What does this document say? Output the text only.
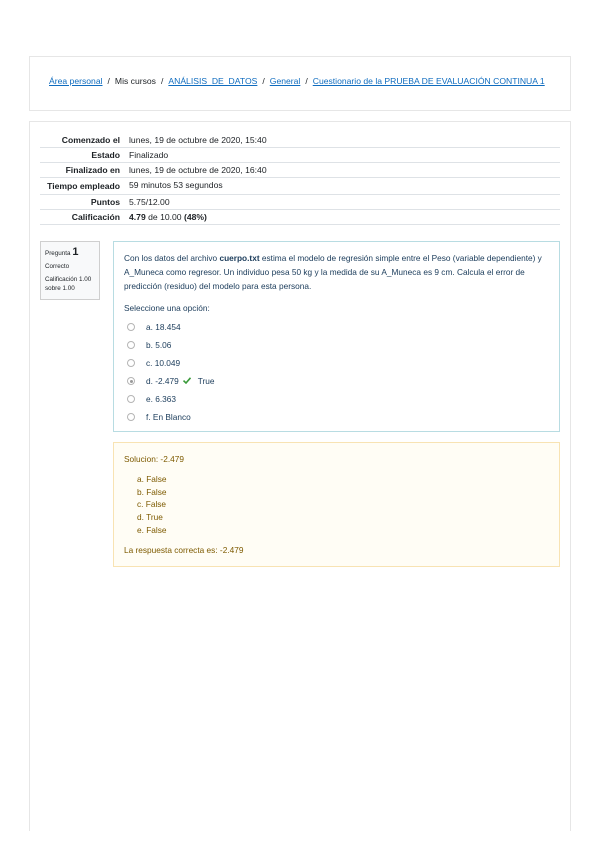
Área personal / Mis cursos / ANÁLISIS_DE_DATOS / General / Cuestionario de la PRUEBA DE EVALUACIÓN CONTINUA 1
Comenzado el	lunes, 19 de octubre de 2020, 15:40
Estado	Finalizado
Finalizado en	lunes, 19 de octubre de 2020, 16:40
Tiempo empleado	59 minutos 53 segundos
Puntos	5.75/12.00
Calificación	4.79 de 10.00 (48%)
Pregunta 1
Correcto
Calificación 1.00 sobre 1.00
Con los datos del archivo cuerpo.txt estima el modelo de regresión simple entre el Peso (variable dependiente) y A_Muneca como regresor. Un individuo pesa 50 kg y la medida de su A_Muneca es 9 cm. Calcula el error de predicción (residuo) del modelo para esta persona.
Seleccione una opción:
a. 18.454
b. 5.06
c. 10.049
d. -2.479 True
e. 6.363
f. En Blanco
Solucion: -2.479
a. False
b. False
c. False
d. True
e. False
La respuesta correcta es: -2.479
